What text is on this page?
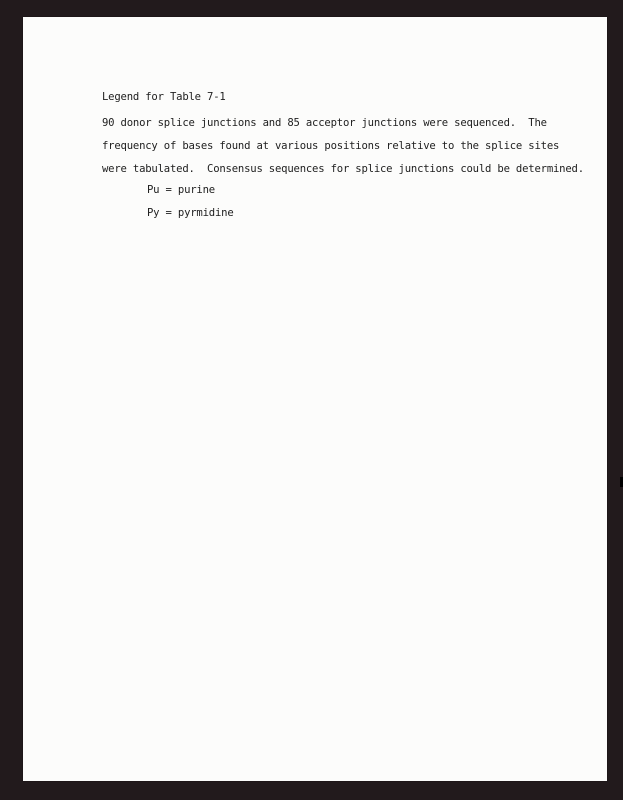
Legend for Table 7-1

90 donor splice junctions and 85 acceptor junctions were sequenced.  The

frequency of bases found at various positions relative to the splice sites

were tabulated.  Consensus sequences for splice junctions could be determined.

Pu = purine

Py = pyrmidine
